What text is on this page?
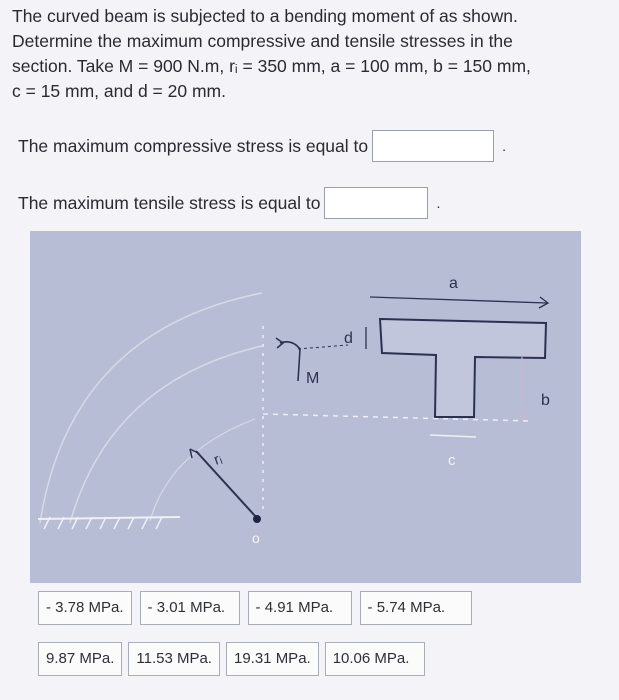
The curved beam is subjected to a bending moment of as shown.

Determine the maximum compressive and tensile stresses in the

section. Take M = 900 N.m, rᵢ = 350 mm, a = 100 mm, b = 150 mm,

c = 15 mm, and d = 20 mm.

The maximum compressive stress is equal to	.
The maximum tensile stress is equal to	.
rᵢ
o
M
d
a
b
c
- 3.78 MPa.	- 3.01 MPa.	- 4.91 MPa.	- 5.74 MPa.
9.87 MPa.	11.53 MPa.	19.31 MPa.	10.06 MPa.
